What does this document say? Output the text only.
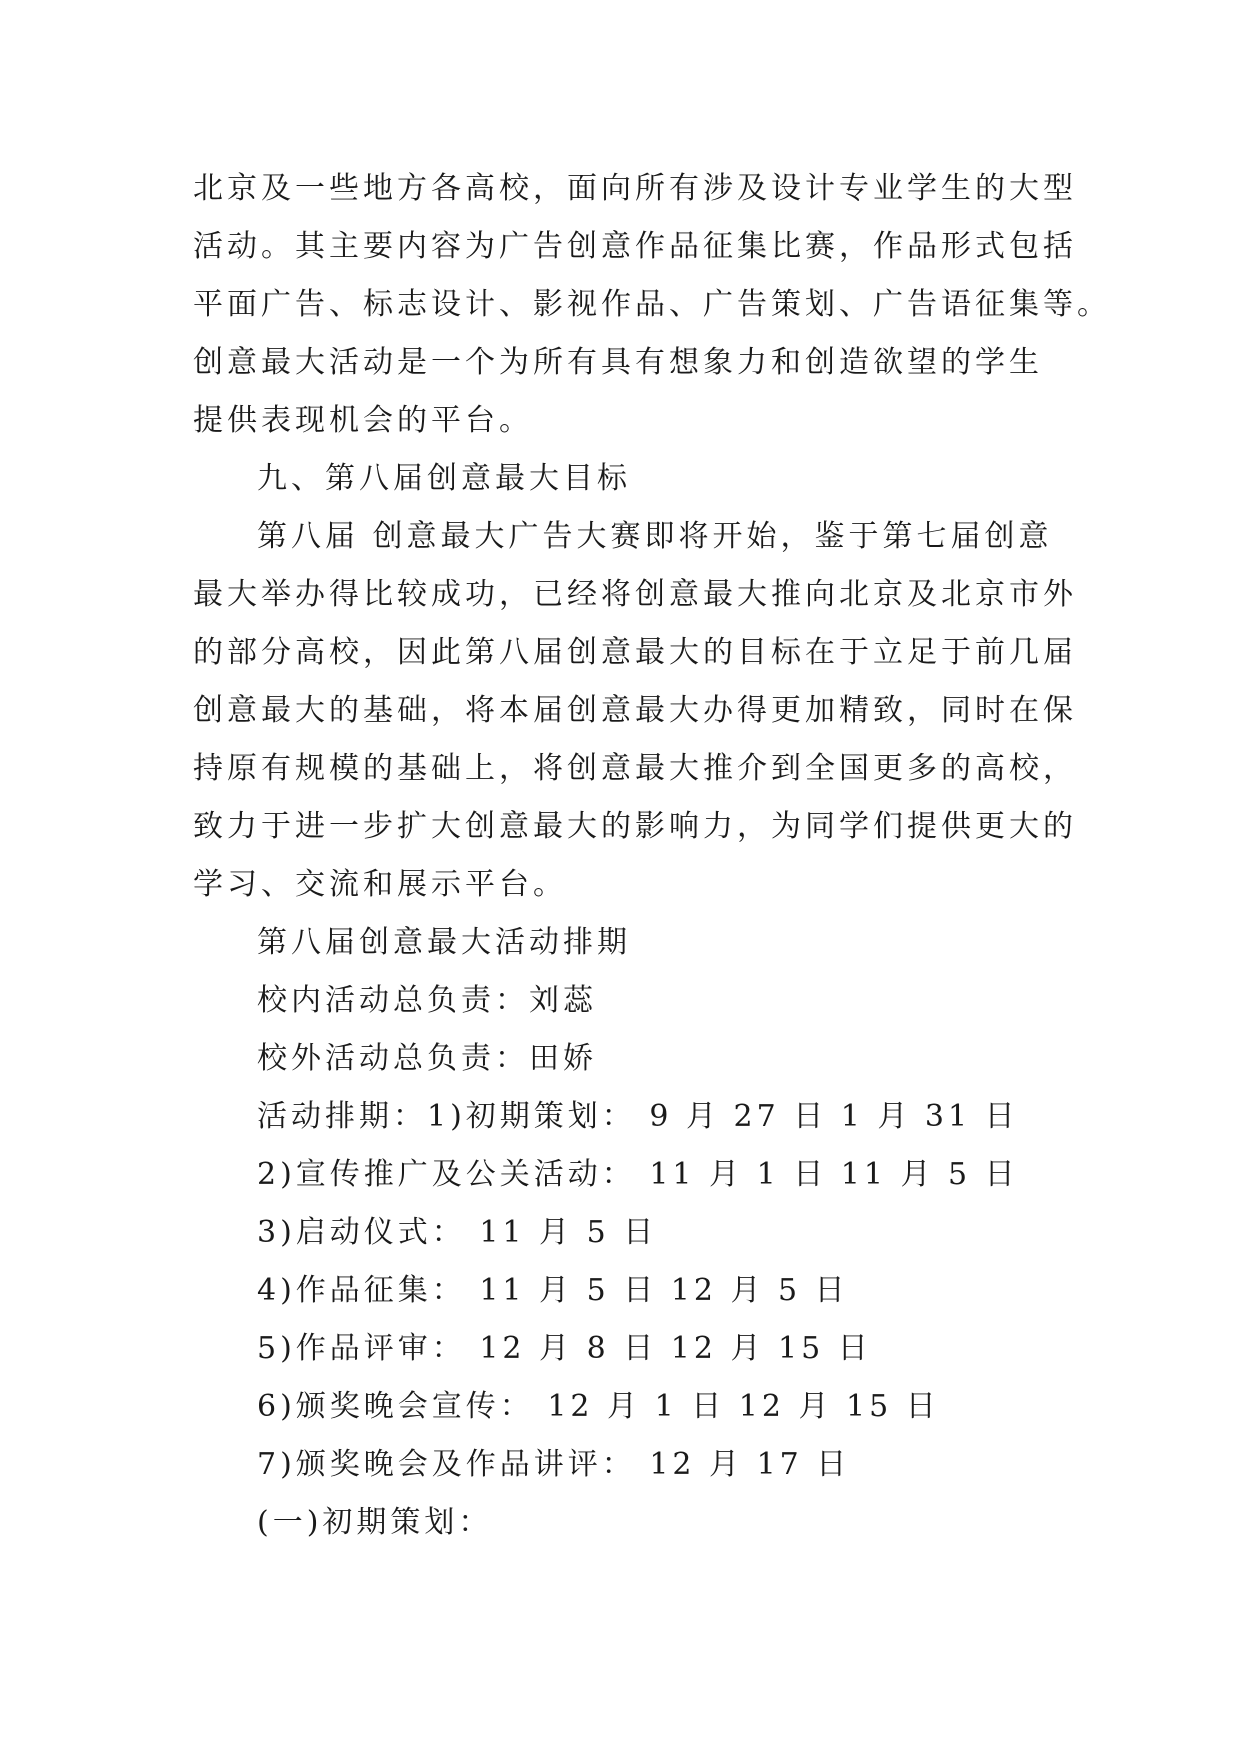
北京及一些地方各高校，面向所有涉及设计专业学生的大型
活动。其主要内容为广告创意作品征集比赛，作品形式包括
平面广告、标志设计、影视作品、广告策划、广告语征集等。
创意最大活动是一个为所有具有想象力和创造欲望的学生
提供表现机会的平台。
九、第八届创意最大目标
第八届 创意最大广告大赛即将开始，鉴于第七届创意
最大举办得比较成功，已经将创意最大推向北京及北京市外
的部分高校，因此第八届创意最大的目标在于立足于前几届
创意最大的基础，将本届创意最大办得更加精致，同时在保
持原有规模的基础上，将创意最大推介到全国更多的高校，
致力于进一步扩大创意最大的影响力，为同学们提供更大的
学习、交流和展示平台。
第八届创意最大活动排期
校内活动总负责：刘蕊
校外活动总负责：田娇
活动排期：1)初期策划： 9 月 27 日 1 月 31 日
2)宣传推广及公关活动： 11 月 1 日 11 月 5 日
3)启动仪式： 11 月 5 日
4)作品征集： 11 月 5 日 12 月 5 日
5)作品评审： 12 月 8 日 12 月 15 日
6)颁奖晚会宣传： 12 月 1 日 12 月 15 日
7)颁奖晚会及作品讲评： 12 月 17 日
(一)初期策划：
